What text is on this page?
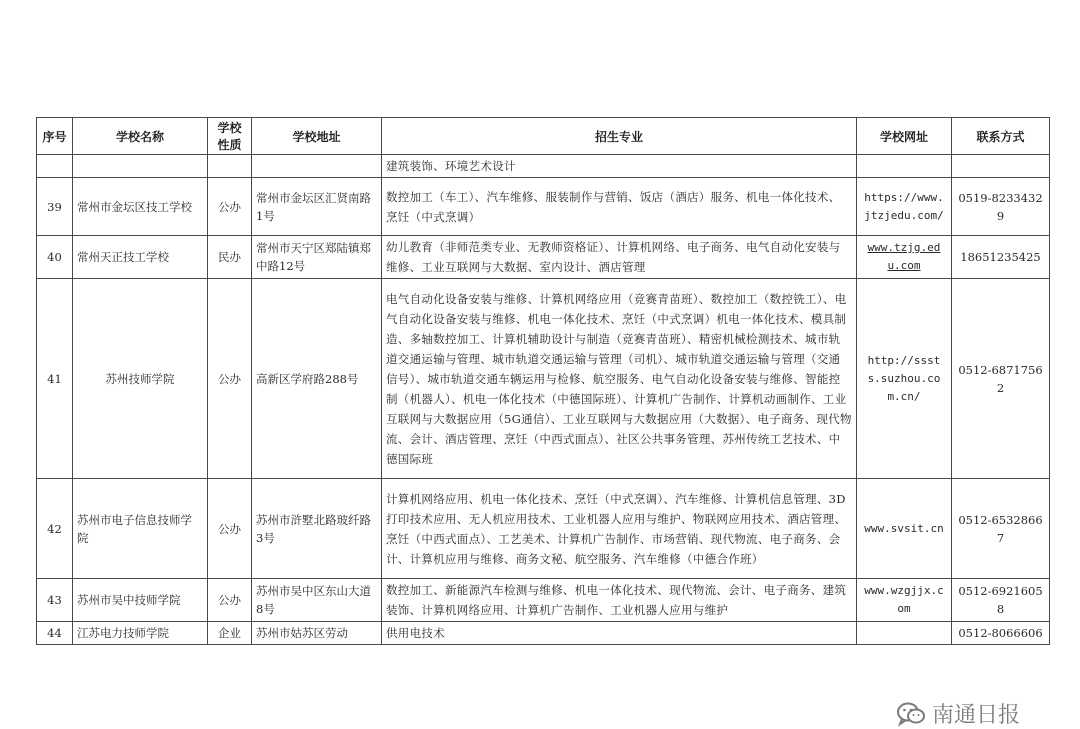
序号	学校名称	学校性质	学校地址	招生专业	学校网址	联系方式
				建筑装饰、环境艺术设计		
39	常州市金坛区技工学校	公办	常州市金坛区汇贤南路1号	数控加工（车工）、汽车维修、服装制作与营销、饭店（酒店）服务、机电一体化技术、烹饪（中式烹调）	https://www.jtzjedu.com/	0519-82334329
40	常州天正技工学校	民办	常州市天宁区郑陆镇郑中路12号	幼儿教育（非师范类专业、无教师资格证）、计算机网络、电子商务、电气自动化安装与维修、工业互联网与大数据、室内设计、酒店管理	www.tzjg.edu.com	18651235425
41	苏州技师学院	公办	高新区学府路288号	电气自动化设备安装与维修、计算机网络应用（竞赛青苗班）、数控加工（数控铣工）、电气自动化设备安装与维修、机电一体化技术、烹饪（中式烹调）机电一体化技术、模具制造、多轴数控加工、计算机辅助设计与制造（竞赛青苗班）、精密机械检测技术、城市轨道交通运输与管理、城市轨道交通运输与管理（司机）、城市轨道交通运输与管理（交通信号）、城市轨道交通车辆运用与检修、航空服务、电气自动化设备安装与维修、智能控制（机器人）、机电一体化技术（中德国际班）、计算机广告制作、计算机动画制作、工业互联网与大数据应用（5G通信）、工业互联网与大数据应用（大数据）、电子商务、现代物流、会计、酒店管理、烹饪（中西式面点）、社区公共事务管理、苏州传统工艺技术、中德国际班	http://sssts.suzhou.com.cn/	0512-68717562
42	苏州市电子信息技师学院	公办	苏州市浒墅北路玻纤路3号	计算机网络应用、机电一体化技术、烹饪（中式烹调）、汽车维修、计算机信息管理、3D打印技术应用、无人机应用技术、工业机器人应用与维护、物联网应用技术、酒店管理、烹饪（中西式面点）、工艺美术、计算机广告制作、市场营销、现代物流、电子商务、会计、计算机应用与维修、商务文秘、航空服务、汽车维修（中德合作班）	www.svsit.cn	0512-65328667
43	苏州市吴中技师学院	公办	苏州市吴中区东山大道8号	数控加工、新能源汽车检测与维修、机电一体化技术、现代物流、会计、电子商务、建筑装饰、计算机网络应用、计算机广告制作、工业机器人应用与维护	www.wzgjjx.com	0512-69216058
44	江苏电力技师学院	企业	苏州市姑苏区劳动	供用电技术		0512-8066606
南通日报
